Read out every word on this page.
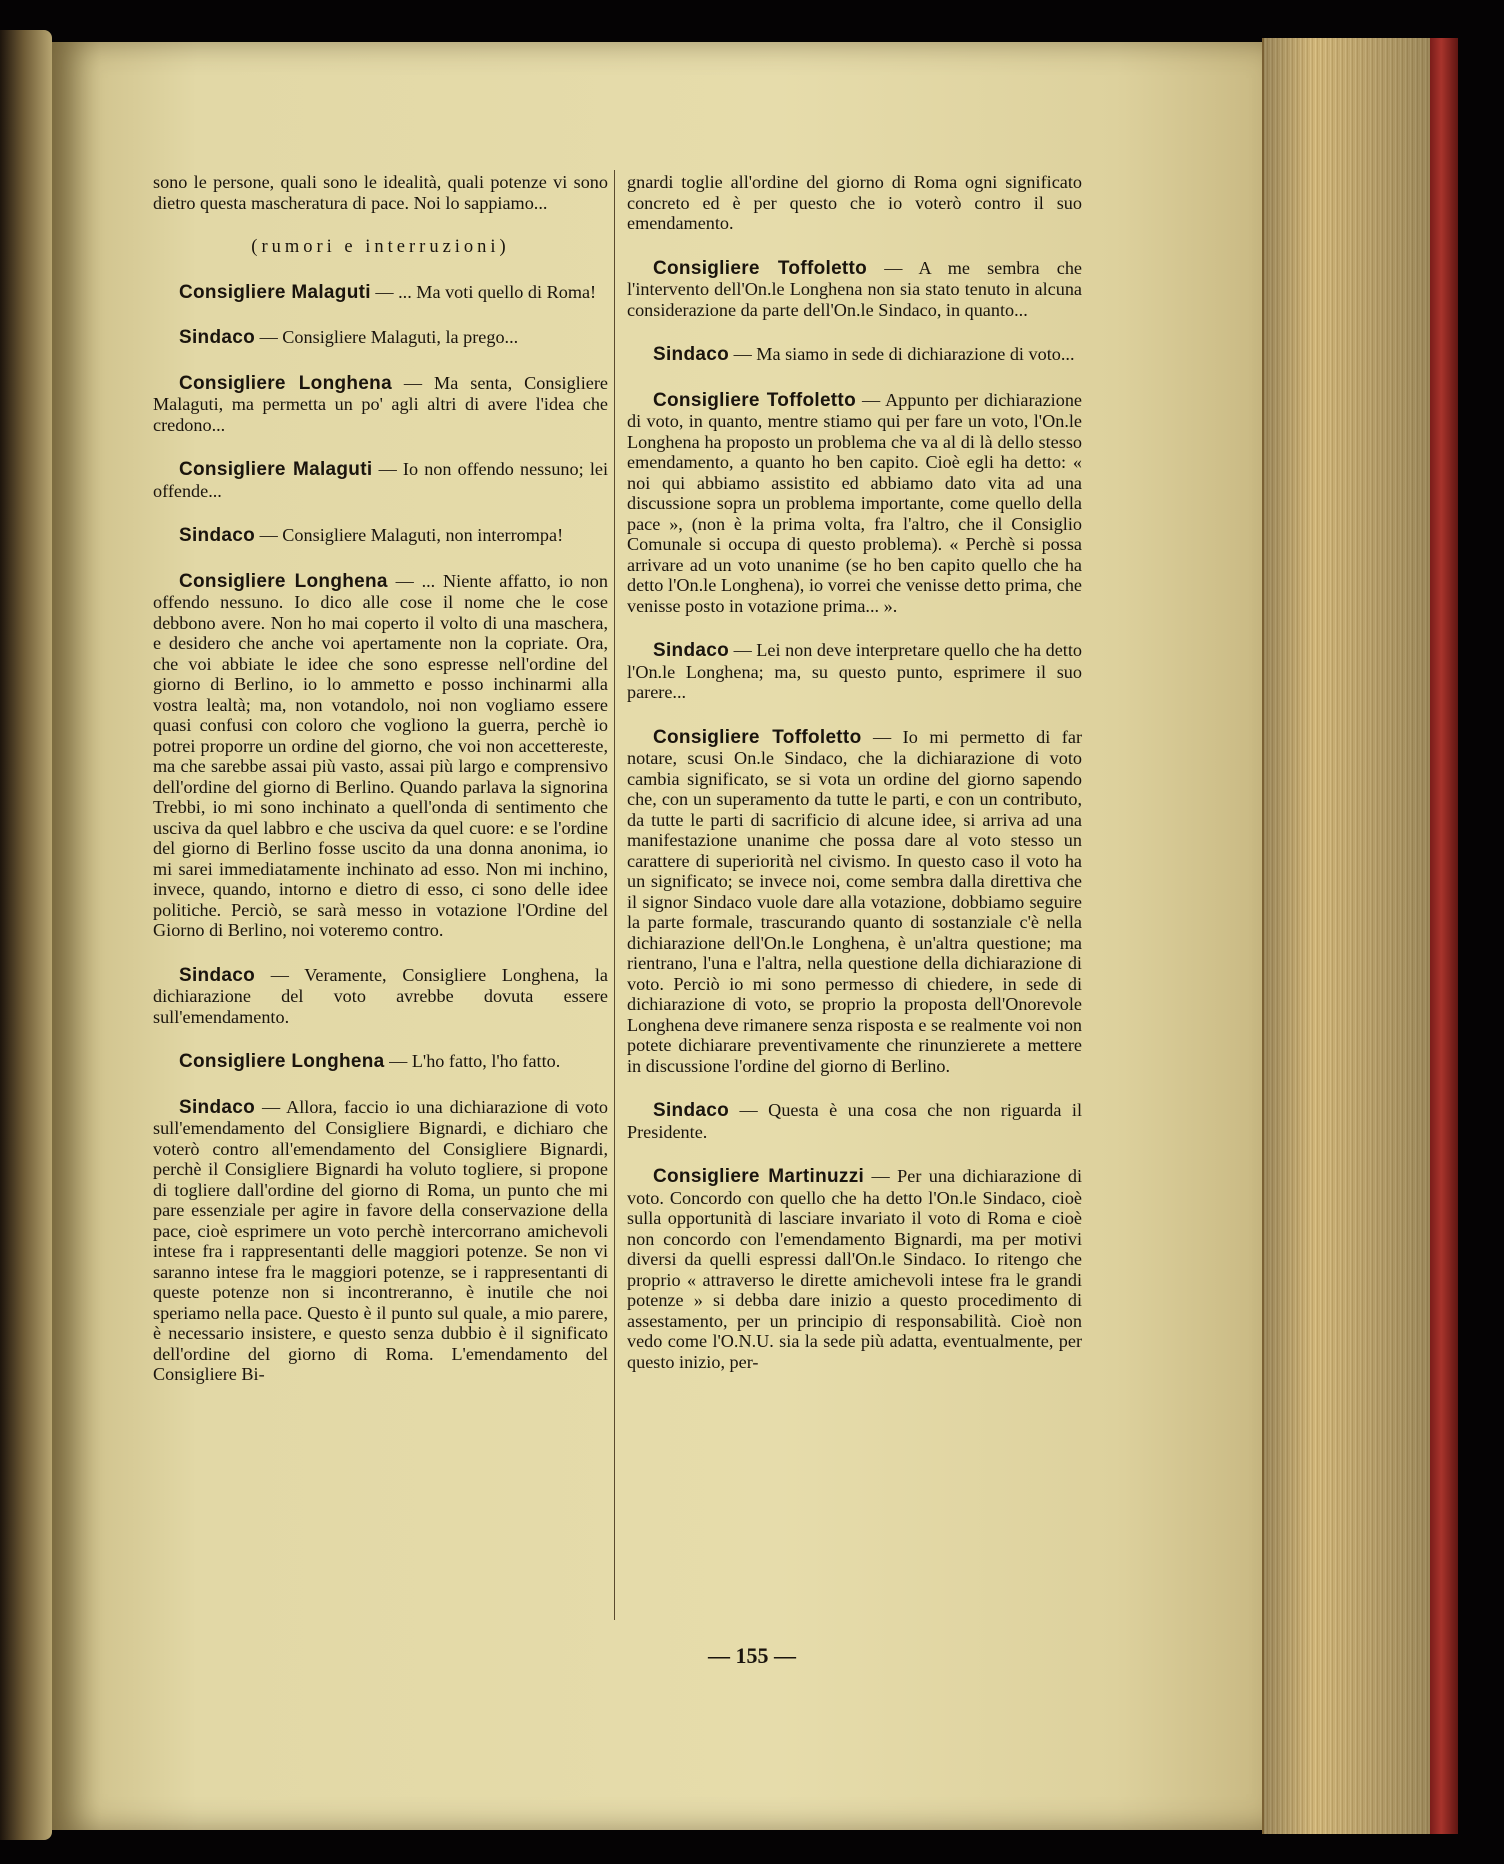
sono le persone, quali sono le idealità, quali potenze vi sono dietro questa mascheratura di pace. Noi lo sappiamo...

(rumori e interruzioni)

Consigliere Malaguti — ... Ma voti quello di Roma!

Sindaco — Consigliere Malaguti, la prego...

Consigliere Longhena — Ma senta, Consigliere Malaguti, ma permetta un po' agli altri di avere l'idea che credono...

Consigliere Malaguti — Io non offendo nessuno; lei offende...

Sindaco — Consigliere Malaguti, non interrompa!

Consigliere Longhena — ... Niente affatto, io non offendo nessuno. Io dico alle cose il nome che le cose debbono avere. Non ho mai coperto il volto di una maschera, e desidero che anche voi apertamente non la copriate. Ora, che voi abbiate le idee che sono espresse nell'ordine del giorno di Berlino, io lo ammetto e posso inchinarmi alla vostra lealtà; ma, non votandolo, noi non vogliamo essere quasi confusi con coloro che vogliono la guerra, perchè io potrei proporre un ordine del giorno, che voi non accettereste, ma che sarebbe assai più vasto, assai più largo e comprensivo dell'ordine del giorno di Berlino. Quando parlava la signorina Trebbi, io mi sono inchinato a quell'onda di sentimento che usciva da quel labbro e che usciva da quel cuore: e se l'ordine del giorno di Berlino fosse uscito da una donna anonima, io mi sarei immediatamente inchinato ad esso. Non mi inchino, invece, quando, intorno e dietro di esso, ci sono delle idee politiche. Perciò, se sarà messo in votazione l'Ordine del Giorno di Berlino, noi voteremo contro.

Sindaco — Veramente, Consigliere Longhena, la dichiarazione del voto avrebbe dovuta essere sull'emendamento.

Consigliere Longhena — L'ho fatto, l'ho fatto.

Sindaco — Allora, faccio io una dichiarazione di voto sull'emendamento del Consigliere Bignardi, e dichiaro che voterò contro all'emendamento del Consigliere Bignardi, perchè il Consigliere Bignardi ha voluto togliere, si propone di togliere dall'ordine del giorno di Roma, un punto che mi pare essenziale per agire in favore della conservazione della pace, cioè esprimere un voto perchè intercorrano amichevoli intese fra i rappresentanti delle maggiori potenze. Se non vi saranno intese fra le maggiori potenze, se i rappresentanti di queste potenze non si incontreranno, è inutile che noi speriamo nella pace. Questo è il punto sul quale, a mio parere, è necessario insistere, e questo senza dubbio è il significato dell'ordine del giorno di Roma. L'emendamento del Consigliere Bi-

gnardi toglie all'ordine del giorno di Roma ogni significato concreto ed è per questo che io voterò contro il suo emendamento.

Consigliere Toffoletto — A me sembra che l'intervento dell'On.le Longhena non sia stato tenuto in alcuna considerazione da parte dell'On.le Sindaco, in quanto...

Sindaco — Ma siamo in sede di dichiarazione di voto...

Consigliere Toffoletto — Appunto per dichiarazione di voto, in quanto, mentre stiamo qui per fare un voto, l'On.le Longhena ha proposto un problema che va al di là dello stesso emendamento, a quanto ho ben capito. Cioè egli ha detto: « noi qui abbiamo assistito ed abbiamo dato vita ad una discussione sopra un problema importante, come quello della pace », (non è la prima volta, fra l'altro, che il Consiglio Comunale si occupa di questo problema). « Perchè si possa arrivare ad un voto unanime (se ho ben capito quello che ha detto l'On.le Longhena), io vorrei che venisse detto prima, che venisse posto in votazione prima... ».

Sindaco — Lei non deve interpretare quello che ha detto l'On.le Longhena; ma, su questo punto, esprimere il suo parere...

Consigliere Toffoletto — Io mi permetto di far notare, scusi On.le Sindaco, che la dichiarazione di voto cambia significato, se si vota un ordine del giorno sapendo che, con un superamento da tutte le parti, e con un contributo, da tutte le parti di sacrificio di alcune idee, si arriva ad una manifestazione unanime che possa dare al voto stesso un carattere di superiorità nel civismo. In questo caso il voto ha un significato; se invece noi, come sembra dalla direttiva che il signor Sindaco vuole dare alla votazione, dobbiamo seguire la parte formale, trascurando quanto di sostanziale c'è nella dichiarazione dell'On.le Longhena, è un'altra questione; ma rientrano, l'una e l'altra, nella questione della dichiarazione di voto. Perciò io mi sono permesso di chiedere, in sede di dichiarazione di voto, se proprio la proposta dell'Onorevole Longhena deve rimanere senza risposta e se realmente voi non potete dichiarare preventivamente che rinunzierete a mettere in discussione l'ordine del giorno di Berlino.

Sindaco — Questa è una cosa che non riguarda il Presidente.

Consigliere Martinuzzi — Per una dichiarazione di voto. Concordo con quello che ha detto l'On.le Sindaco, cioè sulla opportunità di lasciare invariato il voto di Roma e cioè non concordo con l'emendamento Bignardi, ma per motivi diversi da quelli espressi dall'On.le Sindaco. Io ritengo che proprio « attraverso le dirette amichevoli intese fra le grandi potenze » si debba dare inizio a questo procedimento di assestamento, per un principio di responsabilità. Cioè non vedo come l'O.N.U. sia la sede più adatta, eventualmente, per questo inizio, per-

— 155 —
